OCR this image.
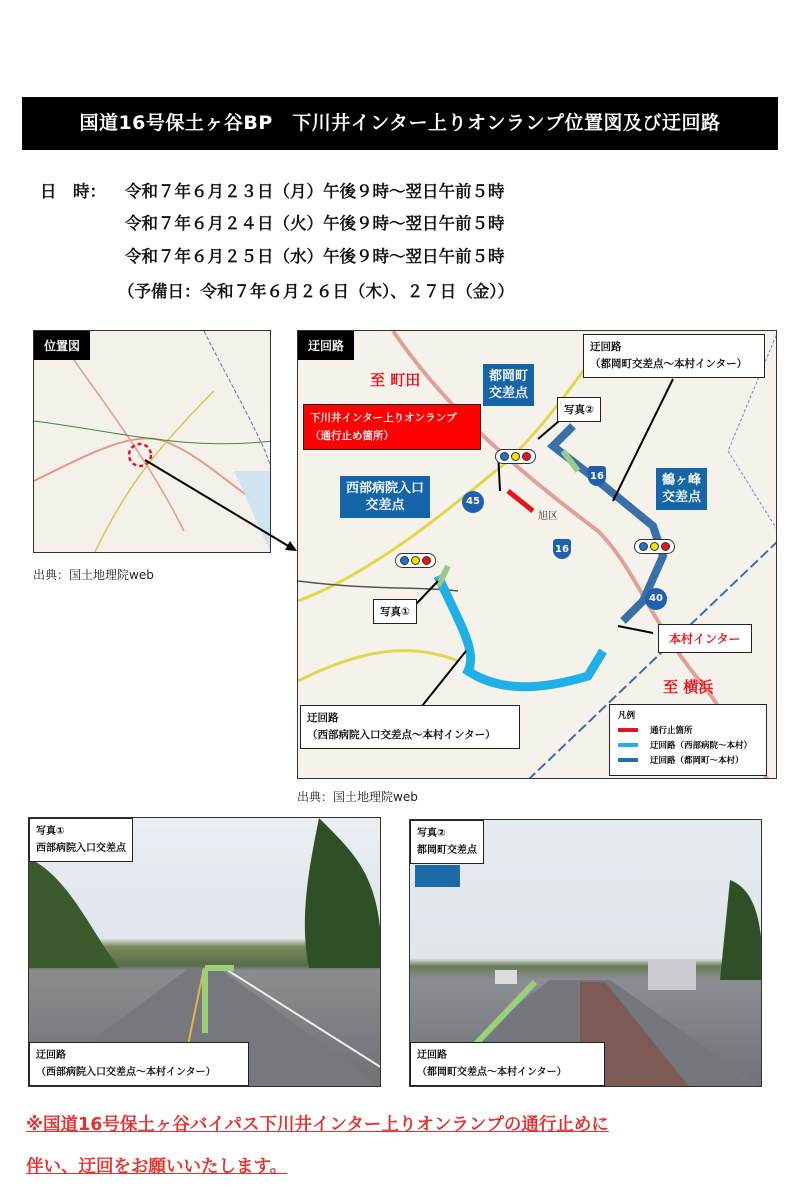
国道16号保土ヶ谷BP　下川井インター上りオンランプ位置図及び迂回路
日　時： 令和７年６月２３日（月）午後９時～翌日午前５時
令和７年６月２４日（火）午後９時～翌日午前５時
令和７年６月２５日（水）午後９時～翌日午前５時
（予備日：令和７年６月２６日（木）、２７日（金））
位置図
出典：国土地理院web
迂回路
至 町田
下川井インター上りオンランプ
（通行止め箇所）
都岡町
交差点
西部病院入口
交差点
鶴ヶ峰
交差点
写真②
写真①
本村インター
至 横浜
迂回路
（都岡町交差点～本村インター）
迂回路
（西部病院入口交差点～本村インター）
45
16
16
40
旭区
凡例
通行止箇所
迂回路（西部病院～本村）
迂回路（都岡町～本村）
出典：国土地理院web
写真①
西部病院入口交差点
迂回路
（西部病院入口交差点～本村インター）
写真②
都岡町交差点
迂回路
（都岡町交差点～本村インター）
※国道16号保土ヶ谷バイパス下川井インター上りオンランプの通行止めに
伴い、迂回をお願いいたします。
